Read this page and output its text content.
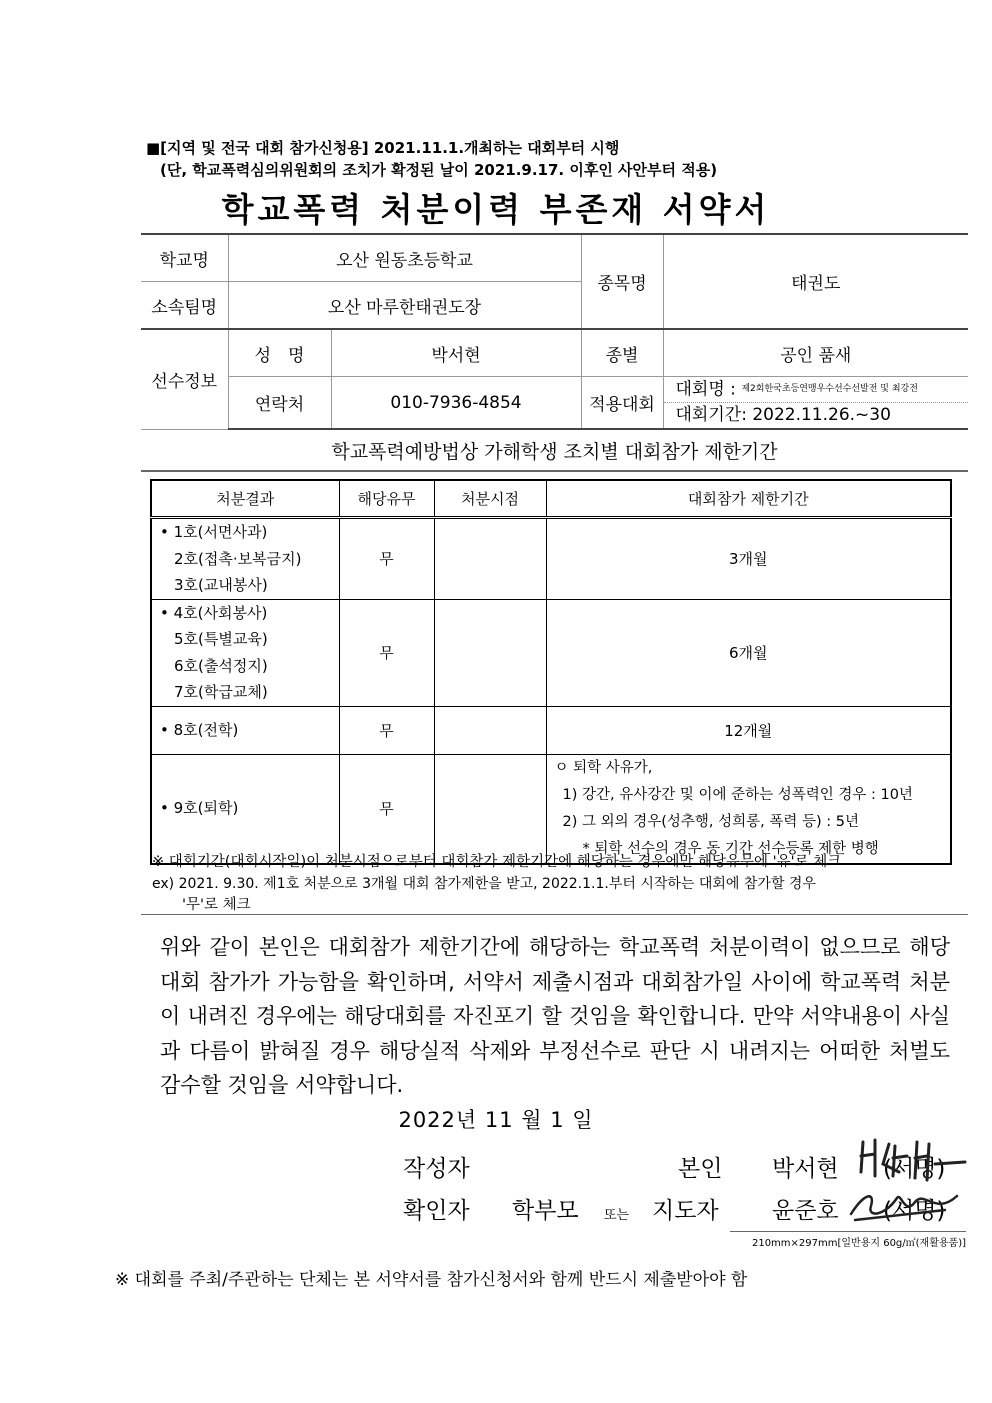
■[지역 및 전국 대회 참가신청용] 2021.11.1.개최하는 대회부터 시행
(단, 학교폭력심의위원회의 조치가 확정된 날이 2021.9.17. 이후인 사안부터 적용)
학교폭력 처분이력 부존재 서약서
학교명	오산 원동초등학교		종목명	태권도
소속팀명	오산 마루한태권도장			
선수정보	성　명	박서현	종별	공인 품새
	연락처	010-7936-4854	적용대회	대회명 : 제2회한국초등연맹우수선수선발전 및 최강전
대회기간: 2022.11.26.~30
학교폭력예방법상 가해학생 조치별 대회참가 제한기간
처분결과	해당유무	처분시점	대회참가 제한기간

• 1호(서면사과)
2호(접촉·보복금지)
3호(교내봉사)	무		3개월

• 4호(사회봉사)
5호(특별교육)
6호(출석정지)
7호(학급교체)	무		6개월
• 8호(전학)	무		12개월
• 9호(퇴학)	무		ㅇ 퇴학 사유가,
1) 강간, 유사강간 및 이에 준하는 성폭력인 경우 : 10년
2) 그 외의 경우(성추행, 성희롱, 폭력 등) : 5년
* 퇴학 선수의 경우 동 기간 선수등록 제한 병행
※ 대회기간(대회시작일)이 처분시점으로부터 대회참가 제한기간에 해당하는 경우에만 해당유무에 '유'로 체크
ex) 2021. 9.30. 제1호 처분으로 3개월 대회 참가제한을 받고, 2022.1.1.부터 시작하는 대회에 참가할 경우
'무'로 체크
위와 같이 본인은 대회참가 제한기간에 해당하는 학교폭력 처분이력이 없으므로 해당 대회 참가가 가능함을 확인하며, 서약서 제출시점과 대회참가일 사이에 학교폭력 처분이 내려진 경우에는 해당대회를 자진포기 할 것임을 확인합니다. 만약 서약내용이 사실과 다름이 밝혀질 경우 해당실적 삭제와 부정선수로 판단 시 내려지는 어떠한 처벌도 감수할 것임을 서약합니다.
2022년 11 월 1 일
작성자	본인 박서현 (서명)
확인자 학부모 또는 지도자 윤준호 (서명)
210mm×297mm[일반용지 60g/㎡(재활용품)]
※ 대회를 주최/주관하는 단체는 본 서약서를 참가신청서와 함께 반드시 제출받아야 함
